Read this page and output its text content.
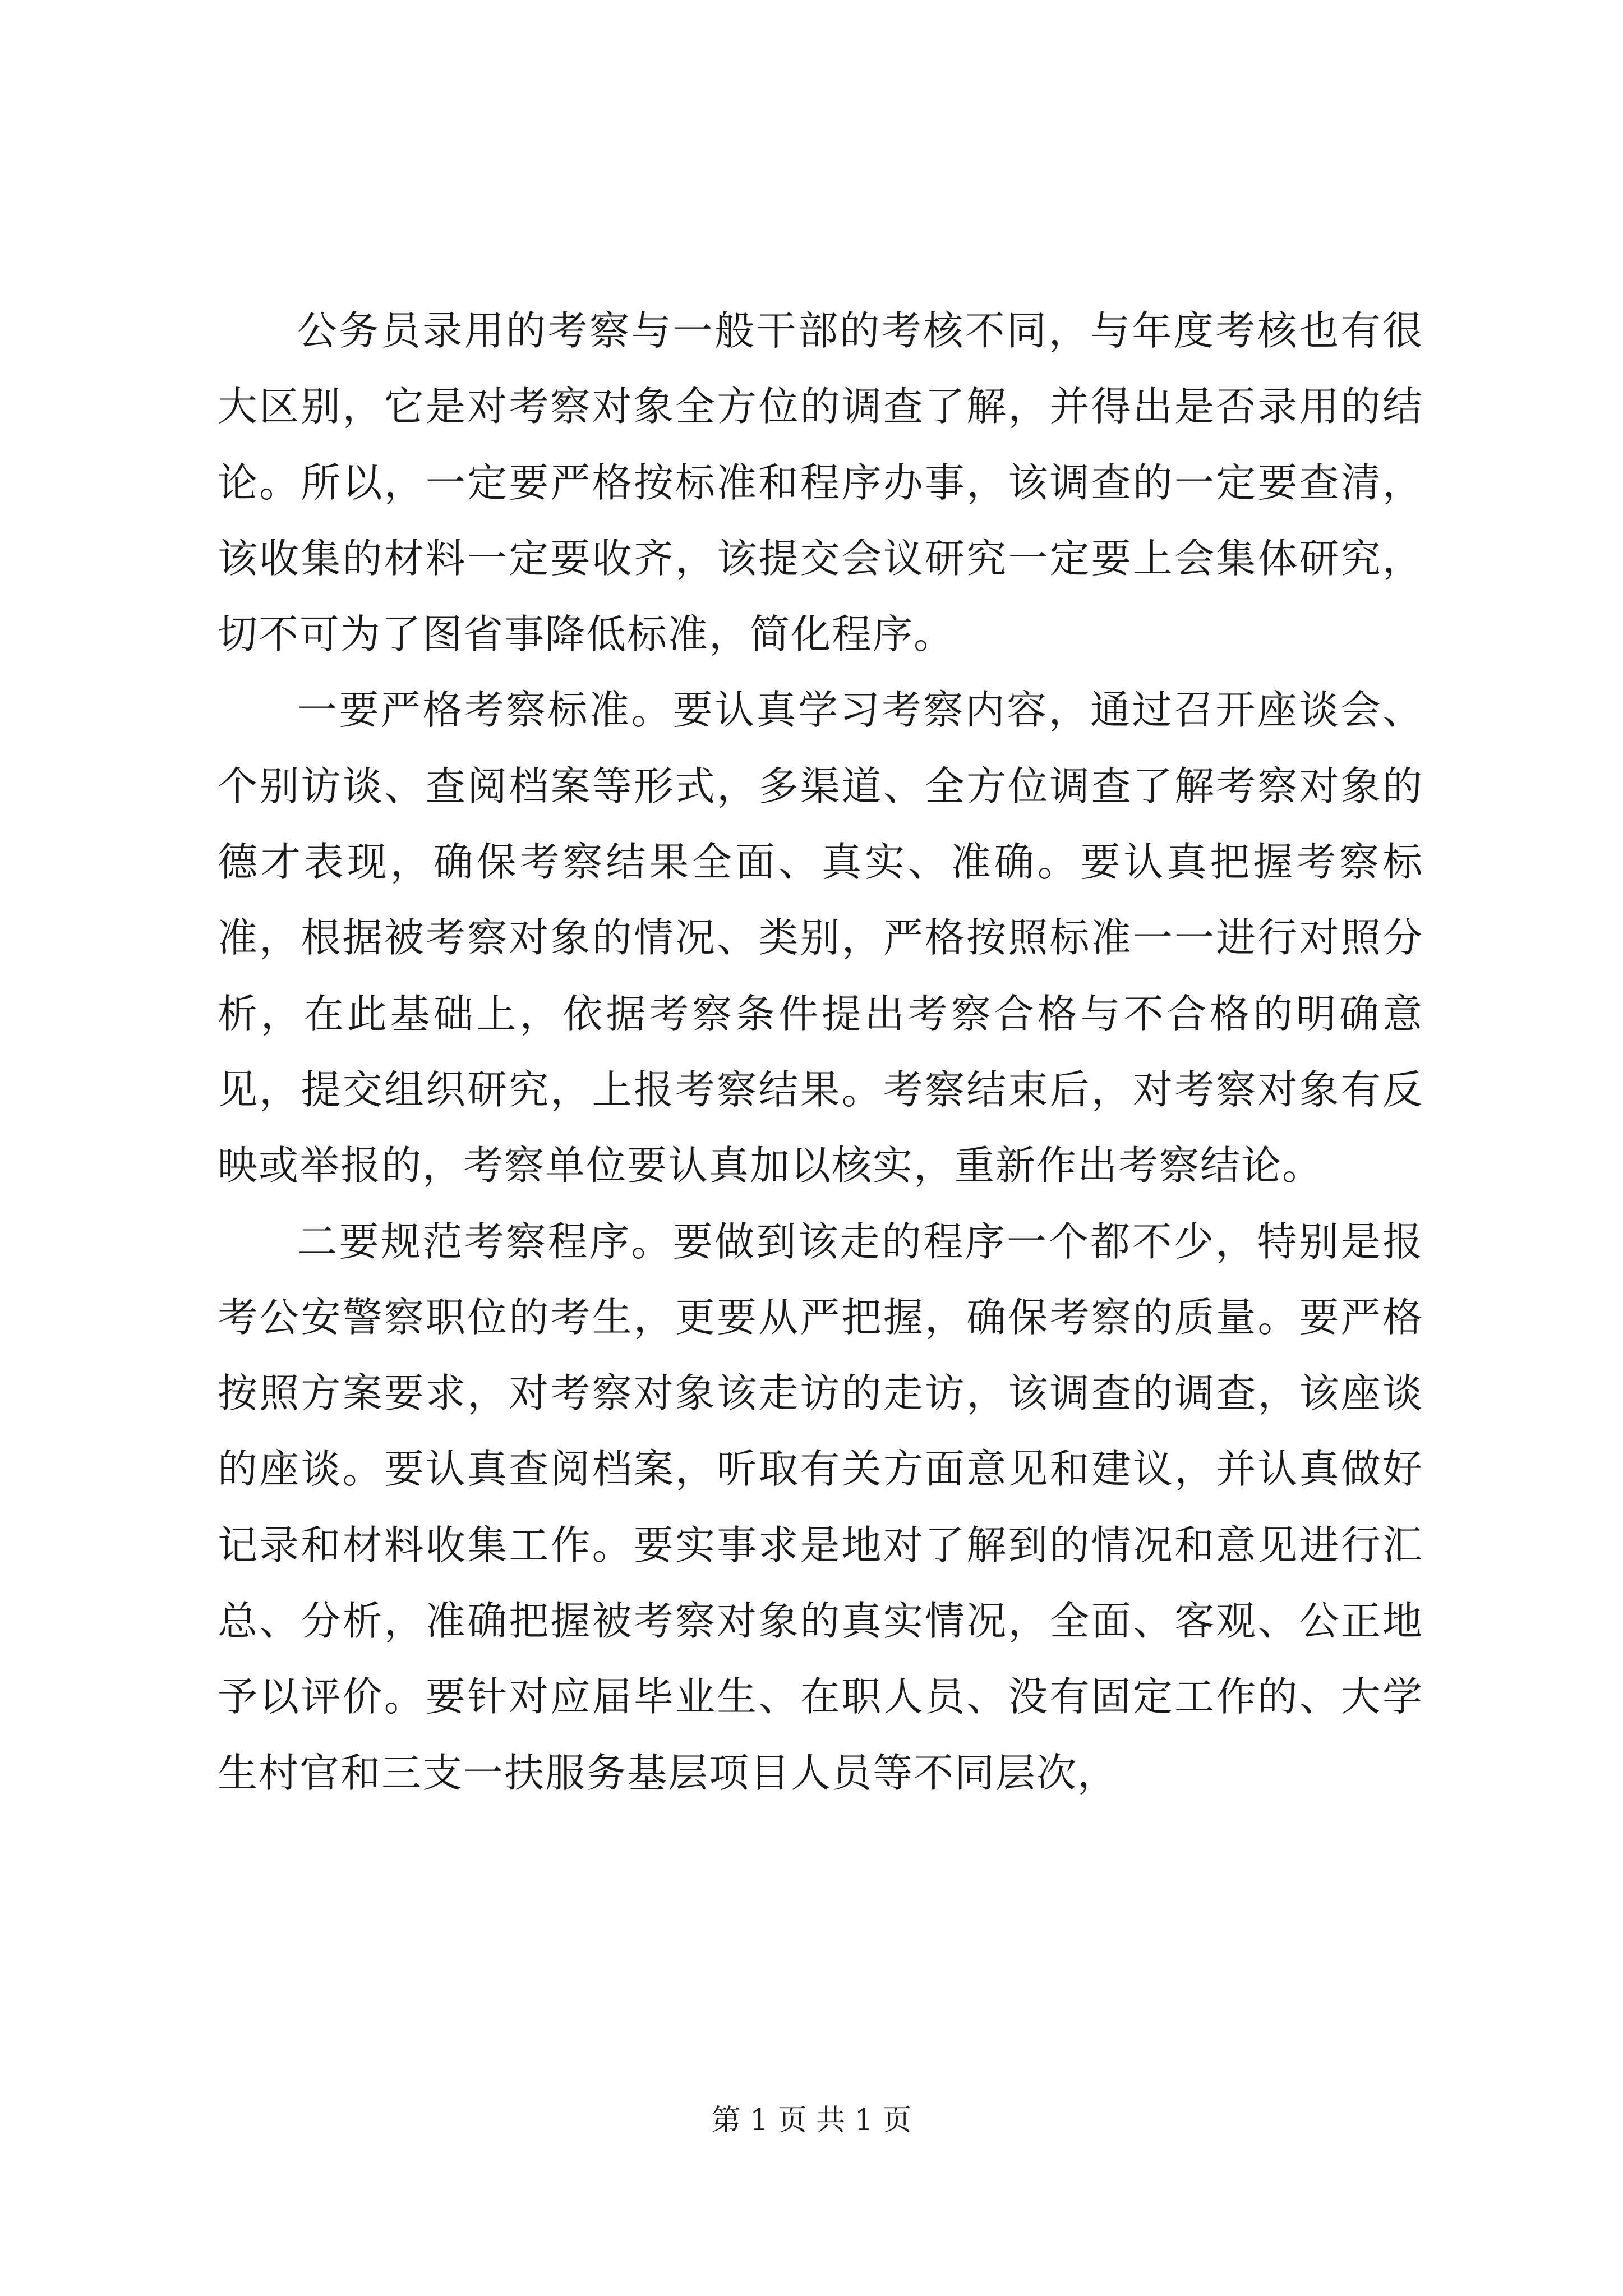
公务员录用的考察与一般干部的考核不同，与年度考核也有很大区别，它是对考察对象全方位的调查了解，并得出是否录用的结论。所以，一定要严格按标准和程序办事，该调查的一定要查清，该收集的材料一定要收齐，该提交会议研究一定要上会集体研究，切不可为了图省事降低标准，简化程序。

一要严格考察标准。要认真学习考察内容，通过召开座谈会、个别访谈、查阅档案等形式，多渠道、全方位调查了解考察对象的德才表现，确保考察结果全面、真实、准确。要认真把握考察标准，根据被考察对象的情况、类别，严格按照标准一一进行对照分析，在此基础上，依据考察条件提出考察合格与不合格的明确意见，提交组织研究，上报考察结果。考察结束后，对考察对象有反映或举报的，考察单位要认真加以核实，重新作出考察结论。

二要规范考察程序。要做到该走的程序一个都不少，特别是报考公安警察职位的考生，更要从严把握，确保考察的质量。要严格按照方案要求，对考察对象该走访的走访，该调查的调查，该座谈的座谈。要认真查阅档案，听取有关方面意见和建议，并认真做好记录和材料收集工作。要实事求是地对了解到的情况和意见进行汇总、分析，准确把握被考察对象的真实情况，全面、客观、公正地予以评价。要针对应届毕业生、在职人员、没有固定工作的、大学生村官和三支一扶服务基层项目人员等不同层次，

第 1 页 共 1 页
